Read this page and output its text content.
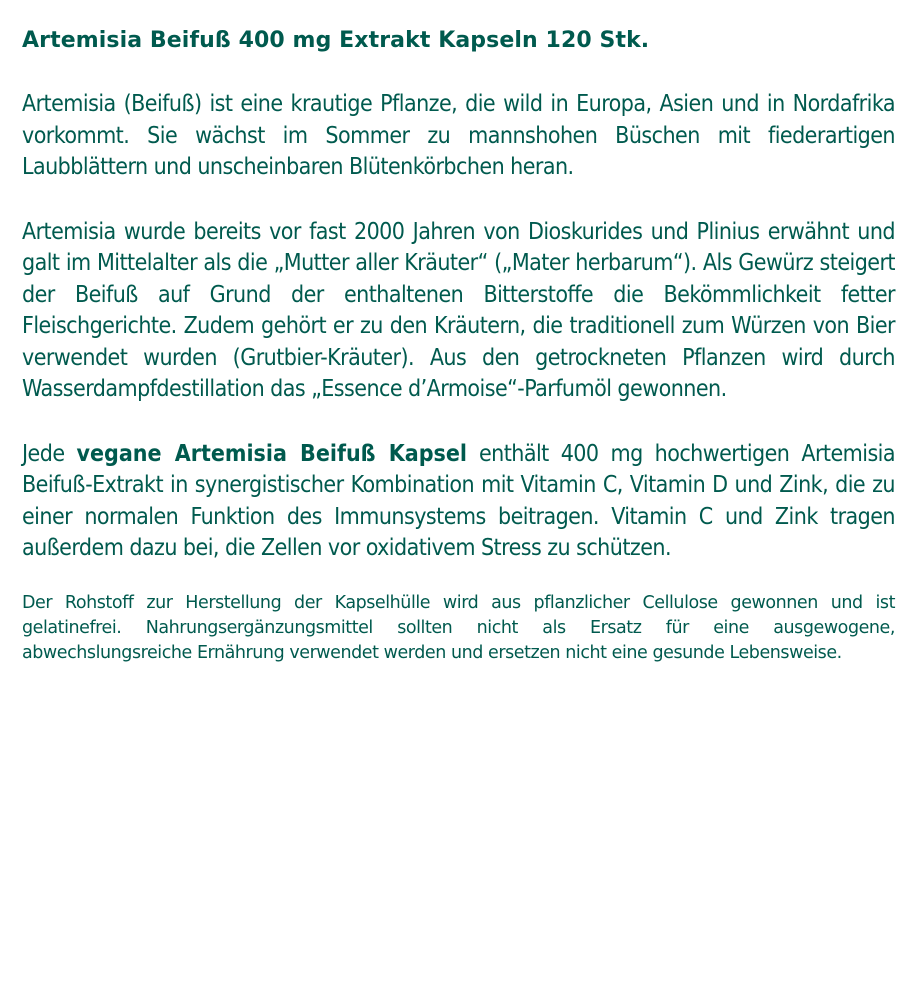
Artemisia Beifuß 400 mg Extrakt Kapseln 120 Stk.

Artemisia (Beifuß) ist eine krautige Pflanze, die wild in Europa, Asien und in Nordafrika vorkommt. Sie wächst im Sommer zu mannshohen Büschen mit fiederartigen Laubblättern und unscheinbaren Blütenkörbchen heran.

Artemisia wurde bereits vor fast 2000 Jahren von Dioskurides und Plinius erwähnt und galt im Mittelalter als die „Mutter aller Kräuter“ („Mater herbarum“). Als Gewürz steigert der Beifuß auf Grund der enthaltenen Bitterstoffe die Bekömmlichkeit fetter Fleischgerichte. Zudem gehört er zu den Kräutern, die traditionell zum Würzen von Bier verwendet wurden (Grutbier-Kräuter). Aus den getrockneten Pflanzen wird durch Wasserdampfdestillation das „Essence d’Armoise“-Parfumöl gewonnen.

Jede vegane Artemisia Beifuß Kapsel enthält 400 mg hochwertigen Artemisia Beifuß-Extrakt in synergistischer Kombination mit Vitamin C, Vitamin D und Zink, die zu einer normalen Funktion des Immunsystems beitragen. Vitamin C und Zink tragen außerdem dazu bei, die Zellen vor oxidativem Stress zu schützen.

Der Rohstoff zur Herstellung der Kapselhülle wird aus pflanzlicher Cellulose gewonnen und ist gelatinefrei. Nahrungsergänzungsmittel sollten nicht als Ersatz für eine ausgewogene, abwechslungsreiche Ernährung verwendet werden und ersetzen nicht eine gesunde Lebensweise.
